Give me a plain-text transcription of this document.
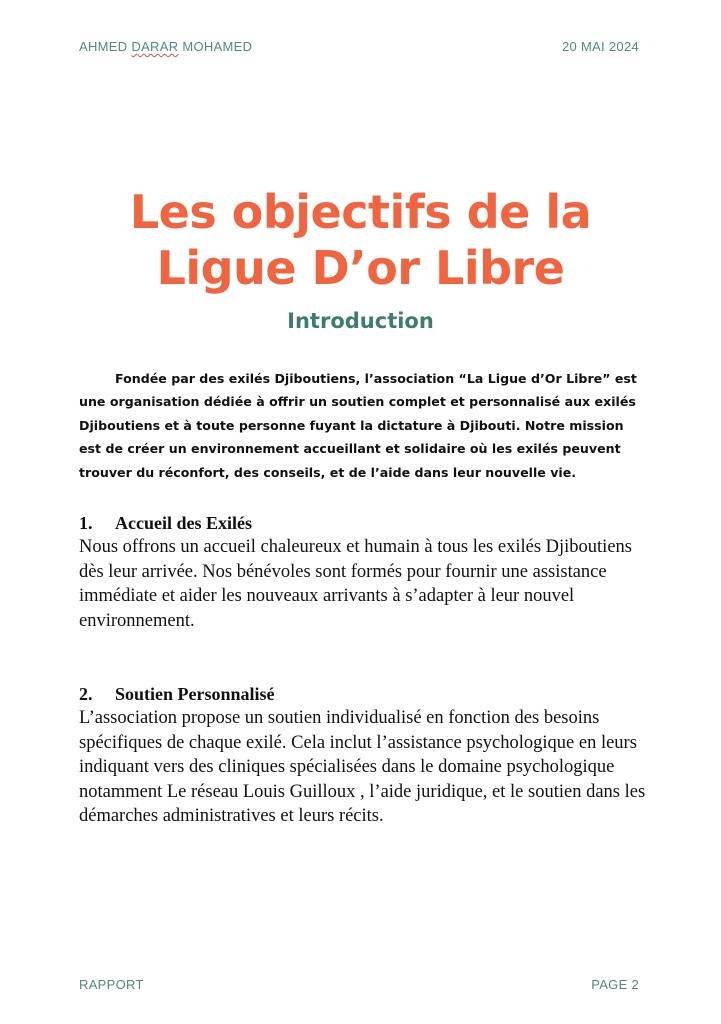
AHMED DARAR MOHAMED	20 MAI 2024
Les objectifs de la
Ligue D’or Libre
Introduction
Fondée par des exilés Djiboutiens, l’association “La Ligue d’Or Libre” est une organisation dédiée à offrir un soutien complet et personnalisé aux exilés Djiboutiens et à toute personne fuyant la dictature à Djibouti. Notre mission est de créer un environnement accueillant et solidaire où les exilés peuvent trouver du réconfort, des conseils, et de l’aide dans leur nouvelle vie.
1. Accueil des Exilés
Nous offrons un accueil chaleureux et humain à tous les exilés Djiboutiens dès leur arrivée. Nos bénévoles sont formés pour fournir une assistance immédiate et aider les nouveaux arrivants à s’adapter à leur nouvel environnement.
2. Soutien Personnalisé
L’association propose un soutien individualisé en fonction des besoins spécifiques de chaque exilé. Cela inclut l’assistance psychologique en leurs indiquant vers des cliniques spécialisées dans le domaine psychologique notamment Le réseau Louis Guilloux , l’aide juridique, et le soutien dans les démarches administratives et leurs récits.
RAPPORT	PAGE 2
